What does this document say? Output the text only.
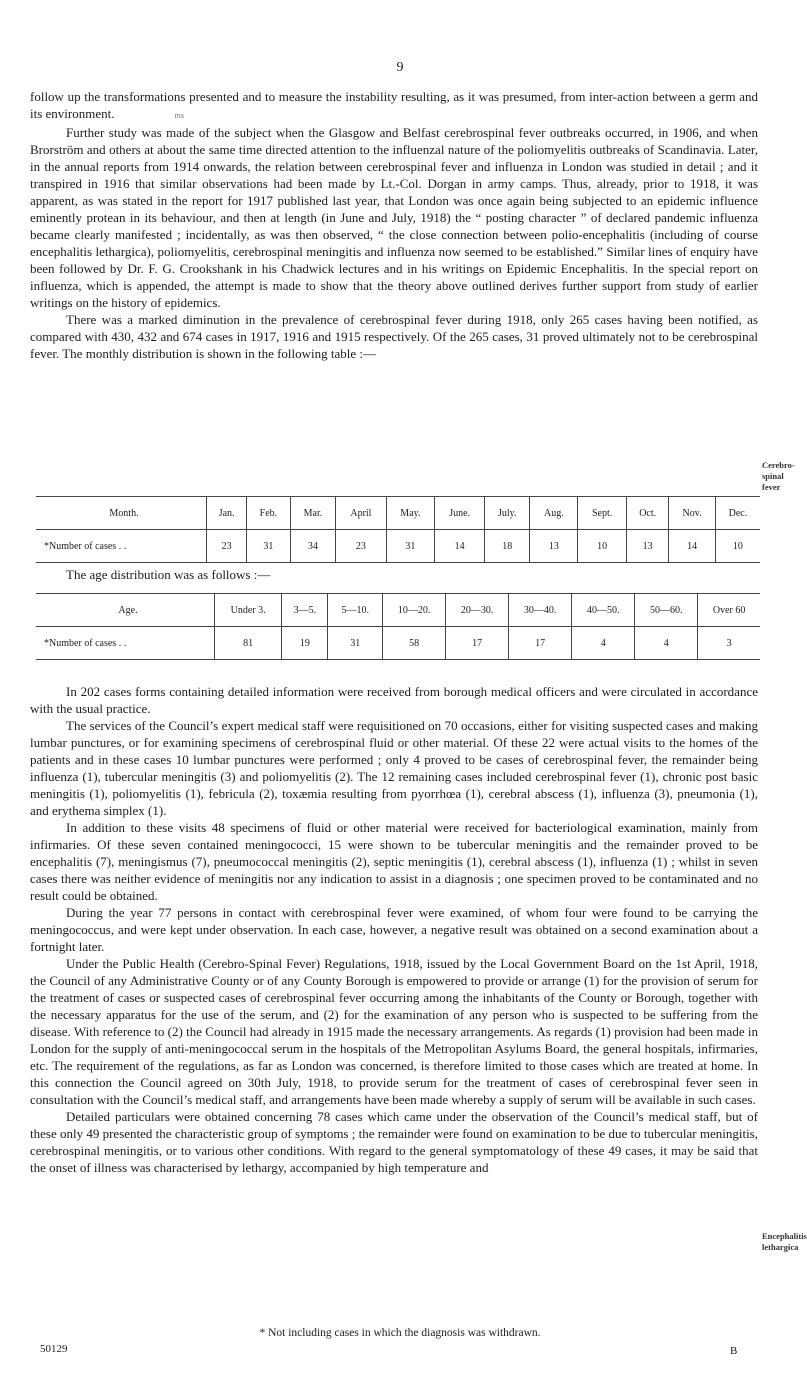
9

follow up the transformations presented and to measure the instability resulting, as it was presumed, from inter-action between a germ and its environment.	ms

Further study was made of the subject when the Glasgow and Belfast cerebrospinal fever outbreaks occurred, in 1906, and when Brorström and others at about the same time directed attention to the influenzal nature of the poliomyelitis outbreaks of Scandinavia. Later, in the annual reports from 1914 onwards, the relation between cerebrospinal fever and influenza in London was studied in detail ; and it transpired in 1916 that similar observations had been made by Lt.-Col. Dorgan in army camps. Thus, already, prior to 1918, it was apparent, as was stated in the report for 1917 published last year, that London was once again being subjected to an epidemic influence eminently protean in its behaviour, and then at length (in June and July, 1918) the “ posting character ” of declared pandemic influenza became clearly manifested ; incidentally, as was then observed, “ the close connection between polio-encephalitis (including of course encephalitis lethargica), poliomyelitis, cerebrospinal meningitis and influenza now seemed to be established.” Similar lines of enquiry have been followed by Dr. F. G. Crookshank in his Chadwick lectures and in his writings on Epidemic Encephalitis. In the special report on influenza, which is appended, the attempt is made to show that the theory above outlined derives further support from study of earlier writings on the history of epidemics.

There was a marked diminution in the prevalence of cerebrospinal fever during 1918, only 265 cases having been notified, as compared with 430, 432 and 674 cases in 1917, 1916 and 1915 respectively. Of the 265 cases, 31 proved ultimately not to be cerebrospinal fever. The monthly distribution is shown in the following table :—

Cerebro-spinal fever
Month.	Jan.	Feb.	Mar.	April	May.	June.	July.	Aug.	Sept.	Oct.	Nov.	Dec.
*Number of cases . .	23	31	34	23	31	14	18	13	10	13	14	10

The age distribution was as follows :—

Age.	Under 3.	3—5.	5—10.	10—20.	20—30.	30—40.	40—50.	50—60.	Over 60
*Number of cases . .	81	19	31	58	17	17	4	4	3

In 202 cases forms containing detailed information were received from borough medical officers and were circulated in accordance with the usual practice.

The services of the Council’s expert medical staff were requisitioned on 70 occasions, either for visiting suspected cases and making lumbar punctures, or for examining specimens of cerebrospinal fluid or other material. Of these 22 were actual visits to the homes of the patients and in these cases 10 lumbar punctures were performed ; only 4 proved to be cases of cerebrospinal fever, the remainder being influenza (1), tubercular meningitis (3) and poliomyelitis (2). The 12 remaining cases included cerebrospinal fever (1), chronic post basic meningitis (1), poliomyelitis (1), febricula (2), toxæmia resulting from pyorrhœa (1), cerebral abscess (1), influenza (3), pneumonia (1), and erythema simplex (1).

In addition to these visits 48 specimens of fluid or other material were received for bacteriological examination, mainly from infirmaries. Of these seven contained meningococci, 15 were shown to be tubercular meningitis and the remainder proved to be encephalitis (7), meningismus (7), pneumococcal meningitis (2), septic meningitis (1), cerebral abscess (1), influenza (1) ; whilst in seven cases there was neither evidence of meningitis nor any indication to assist in a diagnosis ; one specimen proved to be contaminated and no result could be obtained.

During the year 77 persons in contact with cerebrospinal fever were examined, of whom four were found to be carrying the meningococcus, and were kept under observation. In each case, however, a negative result was obtained on a second examination about a fortnight later.

Under the Public Health (Cerebro-Spinal Fever) Regulations, 1918, issued by the Local Government Board on the 1st April, 1918, the Council of any Administrative County or of any County Borough is empowered to provide or arrange (1) for the provision of serum for the treatment of cases or suspected cases of cerebrospinal fever occurring among the inhabitants of the County or Borough, together with the necessary apparatus for the use of the serum, and (2) for the examination of any person who is suspected to be suffering from the disease. With reference to (2) the Council had already in 1915 made the necessary arrangements. As regards (1) provision had been made in London for the supply of anti-meningococcal serum in the hospitals of the Metropolitan Asylums Board, the general hospitals, infirmaries, etc. The requirement of the regulations, as far as London was concerned, is therefore limited to those cases which are treated at home. In this connection the Council agreed on 30th July, 1918, to provide serum for the treatment of cases of cerebrospinal fever seen in consultation with the Council’s medical staff, and arrangements have been made whereby a supply of serum will be available in such cases.

Detailed particulars were obtained concerning 78 cases which came under the observation of the Council’s medical staff, but of these only 49 presented the characteristic group of symptoms ; the remainder were found on examination to be due to tubercular meningitis, cerebrospinal meningitis, or to various other conditions. With regard to the general symptomatology of these 49 cases, it may be said that the onset of illness was characterised by lethargy, accompanied by high temperature and

Encephalitis lethargica
* Not including cases in which the diagnosis was withdrawn.
50129	B
